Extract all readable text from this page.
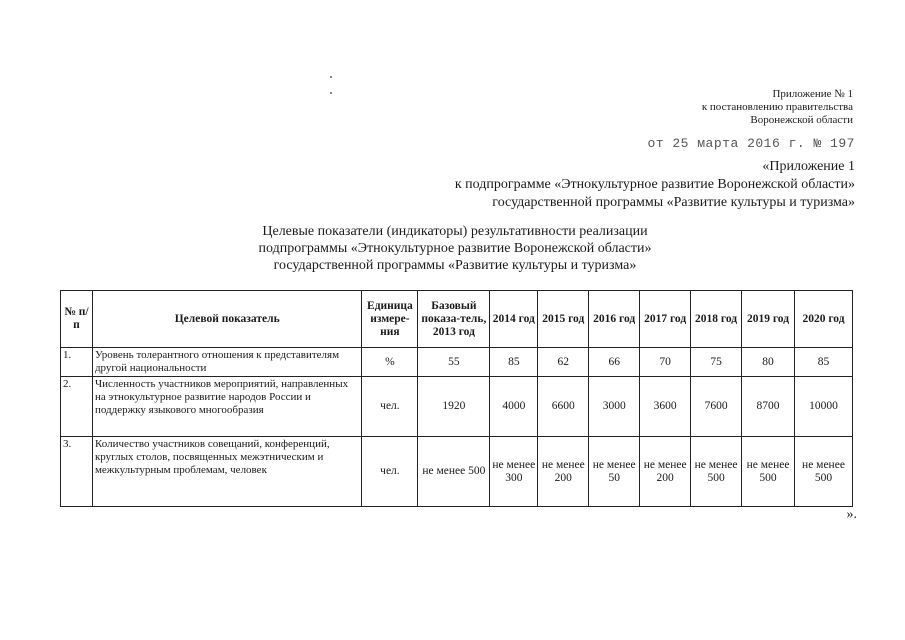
Приложение № 1
к постановлению правительства
Воронежской области
от 25 марта 2016 г. № 197
«Приложение 1
к подпрограмме «Этнокультурное развитие Воронежской области»
государственной программы «Развитие культуры и туризма»
Целевые показатели (индикаторы) результативности реализации
подпрограммы «Этнокультурное развитие Воронежской области»
государственной программы «Развитие культуры и туризма»
№ п/п	Целевой показатель	Единица измере-ния	Базовый показа-тель, 2013 год	2014 год	2015 год	2016 год	2017 год	2018 год	2019 год	2020 год
1.	Уровень толерантного отношения к представителям другой национальности	%	55	85	62	66	70	75	80	85
2.	Численность участников мероприятий, направленных на этнокультурное развитие народов России и поддержку языкового многообразия	чел.	1920	4000	6600	3000	3600	7600	8700	10000
3.	Количество участников совещаний, конференций, круглых столов, посвященных межэтническим и межкультурным проблемам, человек	чел.	не менее 500	не менее 300	не менее 200	не менее 50	не менее 200	не менее 500	не менее 500	не менее 500
».
